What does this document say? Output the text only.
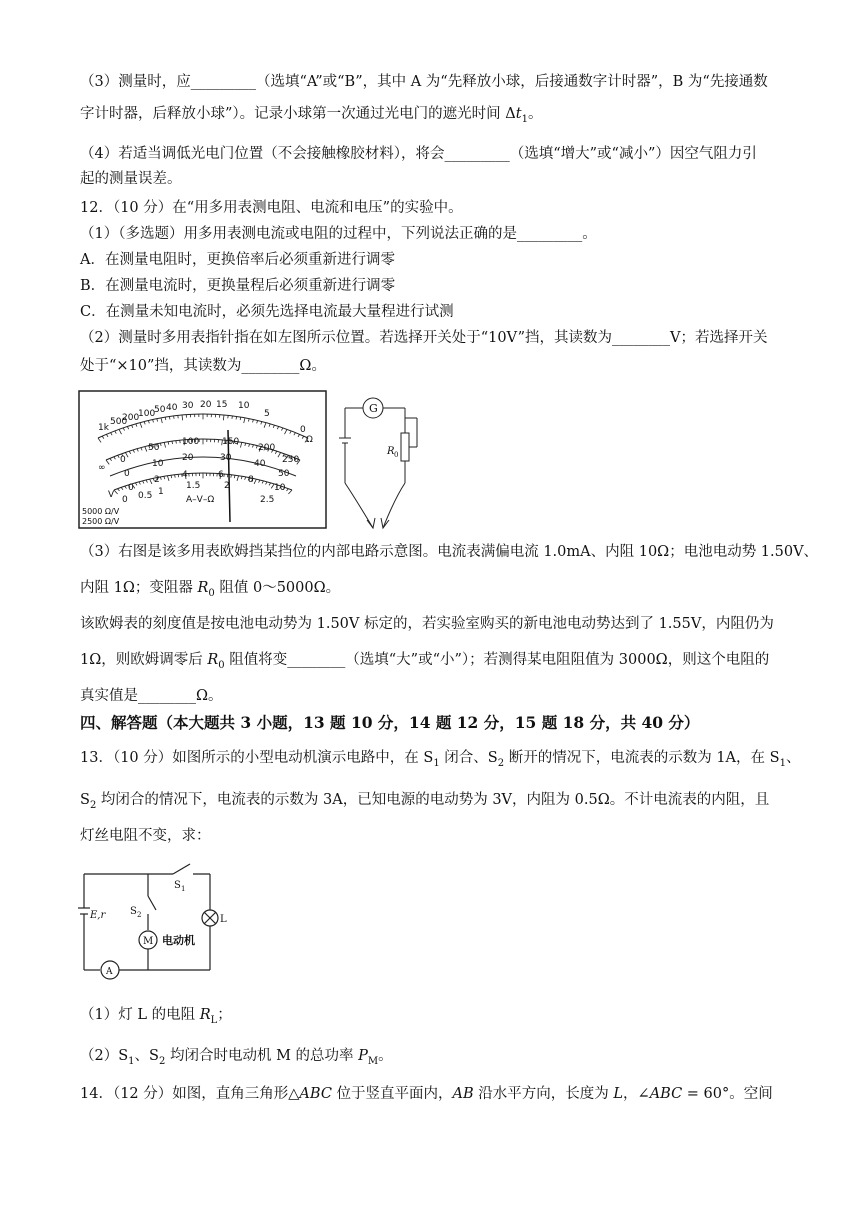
（3）测量时，应_________（选填“A”或“B”，其中 A 为“先释放小球，后接通数字计时器”，B 为“先接通数
字计时器，后释放小球”）。记录小球第一次通过光电门的遮光时间 $\Delta t_1$。
（4）若适当调低光电门位置（不会接触橡胶材料），将会_________（选填“增大”或“减小”）因空气阻力引
起的测量误差。
12．（10 分）在“用多用表测电阻、电流和电压”的实验中。
（1）（多选题）用多用表测电流或电阻的过程中，下列说法正确的是_________。
A．在测量电阻时，更换倍率后必须重新进行调零
B．在测量电流时，更换量程后必须重新进行调零
C．在测量未知电流时，必须先选择电流最大量程进行试测
（2）测量时多用表指针指在如左图所示位置。若选择开关处于“10V”挡，其读数为________V；若选择开关
处于“×10”挡，其读数为________Ω。
1k
500
200
100
50 40 30 20 15 10
5
0
Ω
∞
0
50
100	150
200
250
0
10
20	30
40
50
0
2 4	6	8
10
0 0.5 1
1.5	2
2.5
A–V–Ω
V
5000 Ω/V
2500 Ω/V
G
R 0
（3）右图是该多用表欧姆挡某挡位的内部电路示意图。电流表满偏电流 1.0mA、内阻 10Ω；电池电动势 1.50V、
内阻 1Ω；变阻器 $R_0$ 阻值 0～5000Ω。
该欧姆表的刻度值是按电池电动势为 1.50V 标定的，若实验室购买的新电池电动势达到了 1.55V，内阻仍为
1Ω，则欧姆调零后 $R_0$ 阻值将变________（选填“大”或“小”）；若测得某电阻阻值为 3000Ω，则这个电阻的
真实值是________Ω。
四、解答题（本大题共 3 小题，13 题 10 分，14 题 12 分，15 题 18 分，共 40 分）
13．（10 分）如图所示的小型电动机演示电路中，在 $S_1$ 闭合、$S_2$ 断开的情况下，电流表的示数为 1A，在 $S_1$、
$S_2$ 均闭合的情况下，电流表的示数为 3A，已知电源的电动势为 3V，内阻为 0.5Ω。不计电流表的内阻，且
灯丝电阻不变，求：
E,r
S 1
S 2
M 电动机
L
A
（1）灯 L 的电阻 $R_L$；
$(2)S_1$、$S_2$ 均闭合时电动机 M 的总功率 $P_M$。
14．（12 分）如图，直角三角形△ABC 位于竖直平面内，AB 沿水平方向，长度为 L，∠ABC = 60°。空间
